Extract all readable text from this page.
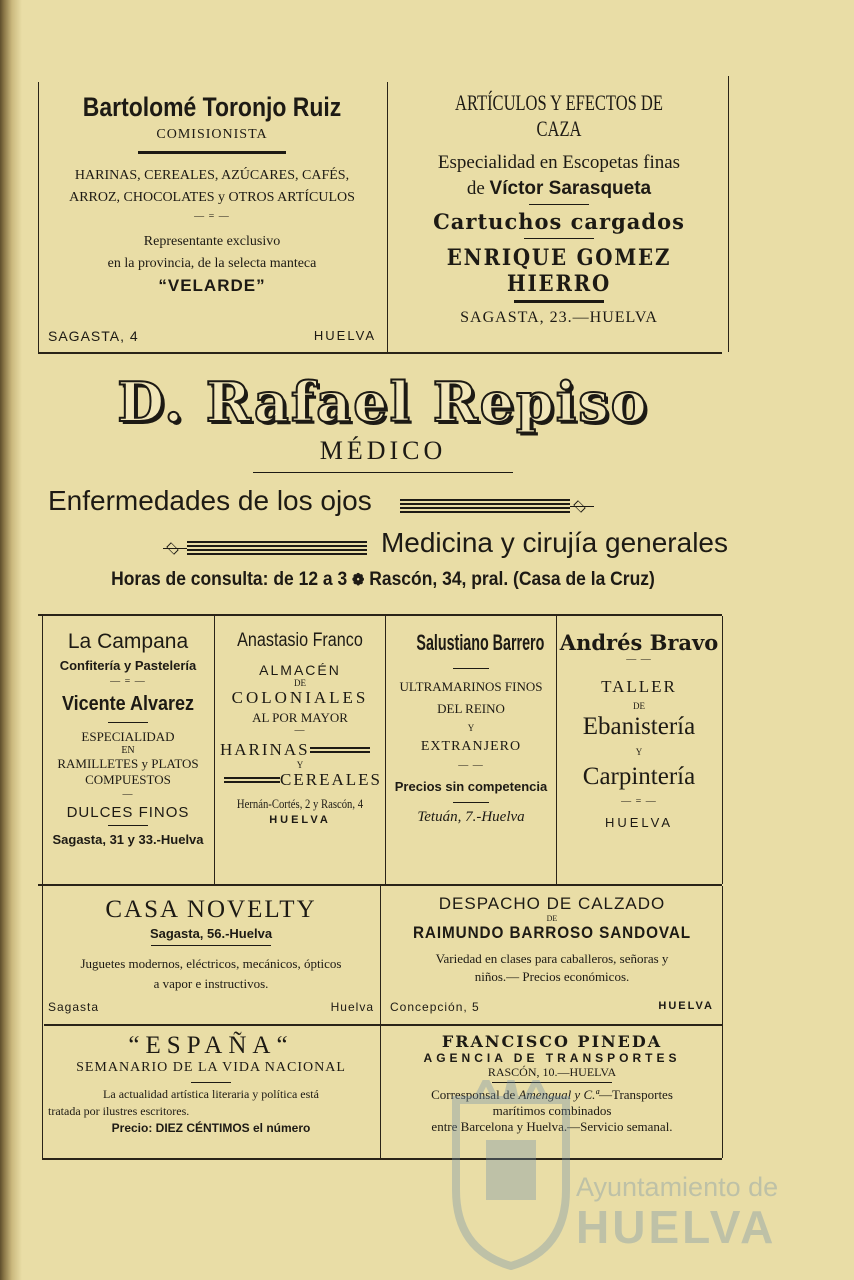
Bartolomé Toronjo Ruiz
COMISIONISTA
HARINAS, CEREALES, AZÚCARES, CAFÉS,
ARROZ, CHOCOLATES y OTROS ARTÍCULOS
— = —
Representante exclusivo
en la provincia, de la selecta manteca
“VELARDE”
SAGASTA, 4	HUELVA
ARTÍCULOS Y EFECTOS DE CAZA
Especialidad en Escopetas finas
de Víctor Sarasqueta
Cartuchos cargados
ENRIQUE GOMEZ HIERRO
SAGASTA, 23.—HUELVA
D. Rafael Repiso
MÉDICO
Enfermedades de los ojos
Medicina y cirujía generales
Horas de consulta: de 12 a 3 ❁ Rascón, 34, pral. (Casa de la Cruz)
La Campana
Confitería y Pastelería
— = —
Vicente Alvarez
ESPECIALIDAD
EN
RAMILLETES y PLATOS
COMPUESTOS
—
DULCES FINOS
Sagasta, 31 y 33.-Huelva
Anastasio Franco
ALMACÉN
DE
COLONIALES
AL POR MAYOR
—
HARINAS
Y
CEREALES
Hernán-Cortés, 2 y Rascón, 4
HUELVA
Salustiano Barrero
ULTRAMARINOS FINOS
DEL REINO
Y
EXTRANJERO
— —
Precios sin competencia
Tetuán, 7.-Huelva
Andrés Bravo
— —
TALLER
DE
Ebanistería
Y
Carpintería
— = —
HUELVA
CASA NOVELTY
Sagasta, 56.-Huelva
Juguetes modernos, eléctricos, mecánicos, ópticos
a vapor e instructivos.
Sagasta	Huelva
DESPACHO DE CALZADO
DE
RAIMUNDO BARROSO SANDOVAL
Variedad en clases para caballeros, señoras y
niños.— Precios económicos.
Concepción, 5	HUELVA
“ESPAÑA“
SEMANARIO DE LA VIDA NACIONAL
La actualidad artística literaria y política está
tratada por ilustres escritores.
Precio: DIEZ CÉNTIMOS el número
FRANCISCO PINEDA
AGENCIA DE TRANSPORTES
RASCÓN, 10.—HUELVA
Corresponsal de Amengual y C.ª—Transportes
marítimos combinados
entre Barcelona y Huelva.—Servicio semanal.
Ayuntamiento de
HUELVA
